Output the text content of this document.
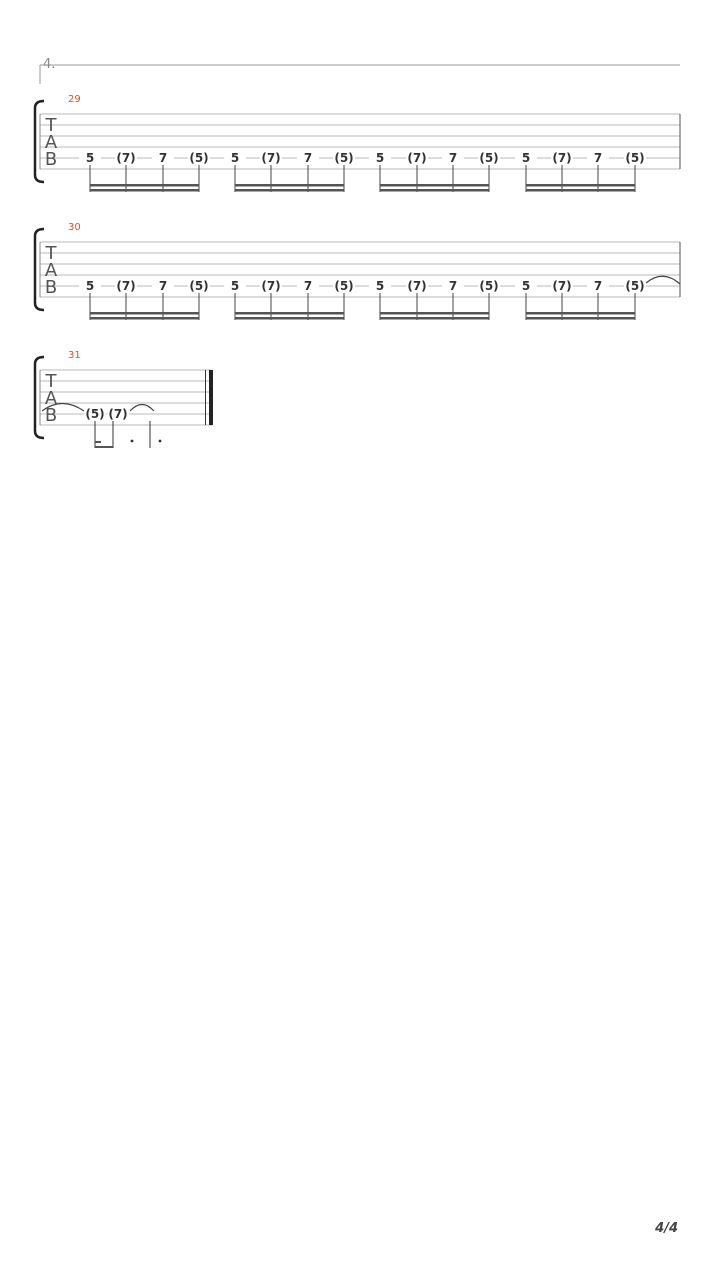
4.
29
T
A
B 5 (7) 7 (5) 5 (7) 7 (5) 5 (7) 7 (5) 5 (7) 7 (5)
30
T
A
B 5 (7) 7 (5) 5 (7) 7 (5) 5 (7) 7 (5) 5 (7) 7 (5)
31
T
A
B (5) (7)
4/4
